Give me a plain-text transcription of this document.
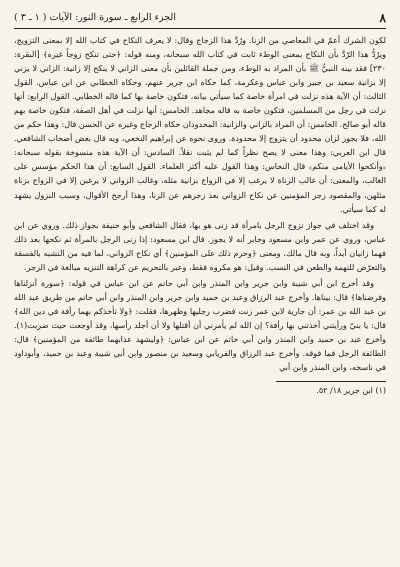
٨
الجزء الرابع ـ سورة النور: الآيات ( ١ ـ ٣ )

لكون الشرك أعمّ في المعاصي من الزنا. ورُدَّ هذا الزجاج وقال: لا يعرف النكاح في كتاب الله إلا بمعنى التزويج، ويرُدُّ هذا الرّدَّ بأن النكاح بمعنى الوطء ثابت في كتاب الله سبحانه، ومنه قوله: ﴿حتى تنكح زوجاً غيره﴾ [البقرة: ٢٣٠] فقد بينه النبيُّ ﷺ بأن المراد به الوطء، ومن جملة القائلين بأن معنى الزاني لا ينكح إلا زانية: الزاني لا يزني إلا بزانية سعيد بن جبير وابن عباس وعكرمة، كما حكاه ابن جرير عنهم، وحكاه الخطابي عن ابن عباس. القول الثالث: أن الآية هذه نزلت في امرأة خاصة كما سيأتي بيانه، فتكون خاصة بها كما قاله الخطابي. القول الرابع: أنها نزلت في رجل من المسلمين، فتكون خاصة به قاله مجاهد. الخامس: أنها نزلت في أهل الصفة، فتكون خاصة بهم قاله أبو صالح. الخامس: أن المراد بالزاني والزانية: المحدودان حكاه الزجاج وغيره عن الحسن قال: وهذا حكم من الله، فلا يجوز لزان محدود أن يتزوج إلا محدودة. وروى نحوه عن إبراهيم النخعي، وبه قال بعض أصحاب الشافعي. قال ابن العربي: وهذا معنى لا يصح نظراً كما لم يثبت نقلاً. السادس: أن الآية هذه منسوخة بقوله سبحانه: ﴿وأنكحوا الأيامى منكم﴾ قال النحاس: وهذا القول عليه أكثر العلماء. القول السابع: أن هذا الحكم مؤسس على الغالب، والمعنى: أن غالب الزناة لا يرغب إلا في الزواج بزانية مثله، وغالب الزواني لا يرغبن إلا في الزواج بزناة مثلهن، والمقصود زجر المؤمنين عن نكاح الزواني بعد زجرهم عن الزنا، وهذا أرجح الأقوال، وسبب النزول يشهد له كما سيأتي.

وقد اختلف في جواز تزوج الرجل بامرأة قد زنى هو بها، فقال الشافعي وأبو حنيفة بجواز ذلك. وروي عن ابن عباس، وروي عن عمر وابن مسعود وجابر أنه لا يجوز. قال ابن مسعود: إذا زنى الرجل بالمرأة ثم نكحها بعد ذلك فهما زانيان أبداً، وبه قال مالك، ومعنى ﴿وحرم ذلك على المؤمنين﴾ أي نكاح الزواني، لما فيه من التشبه بالفسقة والتعرّض للتهمة والطعن في النسب. وقيل: هو مكروه فقط، وعبر بالتحريم عن كراهة التنزيه مبالغة في الزجر.

وقد أخرج ابن أبي شيبة وابن جرير وابن المنذر وابن أبي حاتم عن ابن عباس في قوله: ﴿سورة أنزلناها وفرضناها﴾ قال: بيناها. وأخرج عبد الرزاق وعبد بن حميد وابن جرير وابن المنذر وابن أبي حاتم من طريق عبد الله بن عبد الله بن عمر: أن جارية لابن عمر زنت فضرب رجليها وظهرها، فقلت: ﴿ولا تأخذكم بهما رأفة في دين الله﴾ قال: يا بنيّ ورأيتني أخذتني بها رأفة؟ إن الله لم يأمرني أن أقتلها ولا أن أجلد رأسها، وقد أوجعت حيث ضربت(١). وأخرج عبد بن حميد وابن المنذر وابن أبي حاتم عن ابن عباس: ﴿وليشهد عذابهما طائفة من المؤمنين﴾ قال: الطائفة الرجل فما فوقه. وأخرج عبد الرزاق والفريابي وسعيد بن منصور وابن أبي شيبة وعبد بن حميد، وأبوداود في ناسخه، وابن المنذر وابن أبي

(١) ابن جرير ١٨/ ٥٢.
